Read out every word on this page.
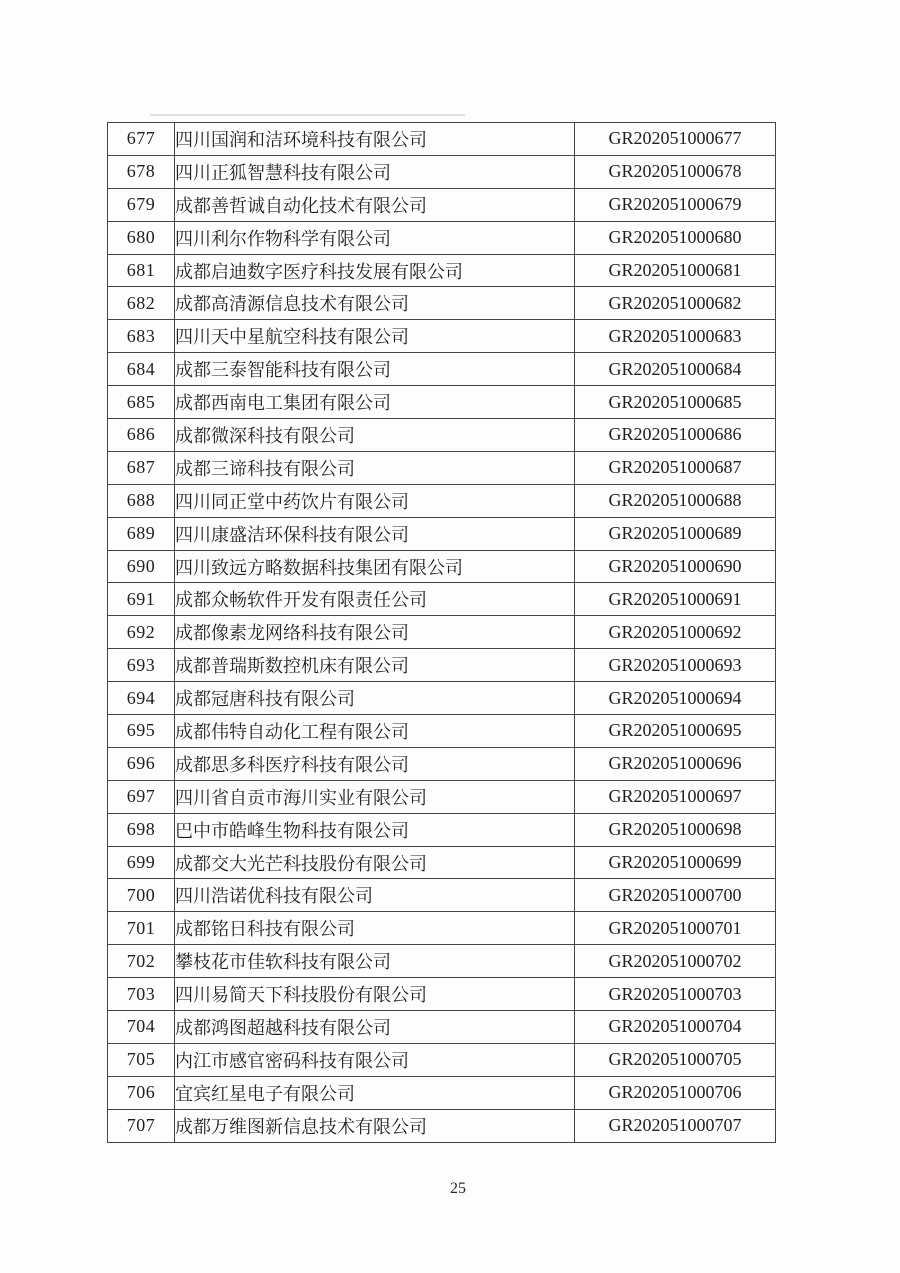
677	四川国润和洁环境科技有限公司	GR202051000677
678	四川正狐智慧科技有限公司	GR202051000678
679	成都善哲诚自动化技术有限公司	GR202051000679
680	四川利尔作物科学有限公司	GR202051000680
681	成都启迪数字医疗科技发展有限公司	GR202051000681
682	成都高清源信息技术有限公司	GR202051000682
683	四川天中星航空科技有限公司	GR202051000683
684	成都三泰智能科技有限公司	GR202051000684
685	成都西南电工集团有限公司	GR202051000685
686	成都微深科技有限公司	GR202051000686
687	成都三谛科技有限公司	GR202051000687
688	四川同正堂中药饮片有限公司	GR202051000688
689	四川康盛洁环保科技有限公司	GR202051000689
690	四川致远方略数据科技集团有限公司	GR202051000690
691	成都众畅软件开发有限责任公司	GR202051000691
692	成都像素龙网络科技有限公司	GR202051000692
693	成都普瑞斯数控机床有限公司	GR202051000693
694	成都冠唐科技有限公司	GR202051000694
695	成都伟特自动化工程有限公司	GR202051000695
696	成都思多科医疗科技有限公司	GR202051000696
697	四川省自贡市海川实业有限公司	GR202051000697
698	巴中市皓峰生物科技有限公司	GR202051000698
699	成都交大光芒科技股份有限公司	GR202051000699
700	四川浩诺优科技有限公司	GR202051000700
701	成都铭日科技有限公司	GR202051000701
702	攀枝花市佳软科技有限公司	GR202051000702
703	四川易简天下科技股份有限公司	GR202051000703
704	成都鸿图超越科技有限公司	GR202051000704
705	内江市感官密码科技有限公司	GR202051000705
706	宜宾红星电子有限公司	GR202051000706
707	成都万维图新信息技术有限公司	GR202051000707
25
